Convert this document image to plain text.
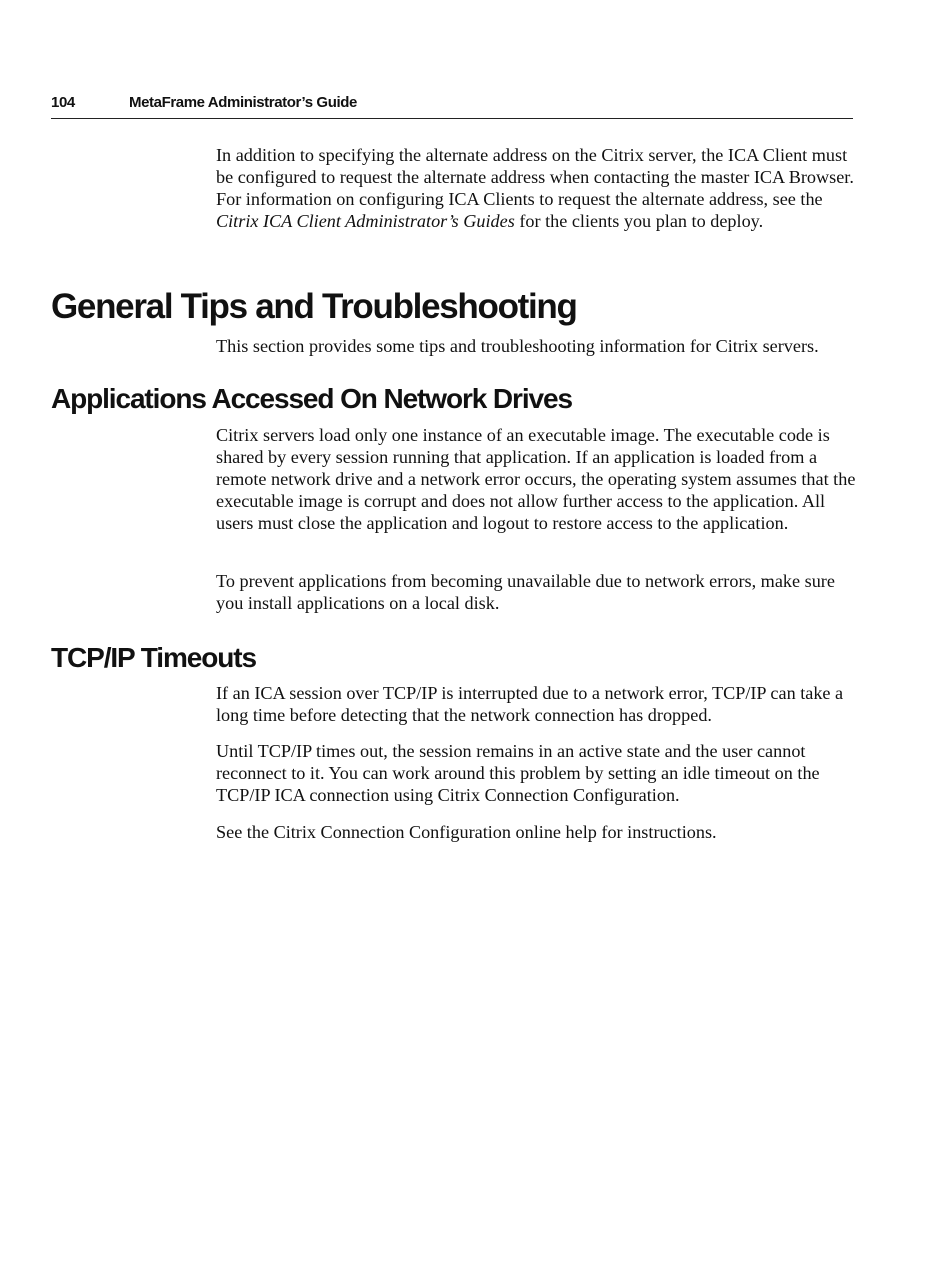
104	MetaFrame Administrator’s Guide

In addition to specifying the alternate address on the Citrix server, the ICA Client must be configured to request the alternate address when contacting the master ICA Browser. For information on configuring ICA Clients to request the alternate address, see the Citrix ICA Client Administrator’s Guides for the clients you plan to deploy.

General Tips and Troubleshooting

This section provides some tips and troubleshooting information for Citrix servers.

Applications Accessed On Network Drives

Citrix servers load only one instance of an executable image. The executable code is shared by every session running that application. If an application is loaded from a remote network drive and a network error occurs, the operating system assumes that the executable image is corrupt and does not allow further access to the application. All users must close the application and logout to restore access to the application.

To prevent applications from becoming unavailable due to network errors, make sure you install applications on a local disk.

TCP/IP Timeouts

If an ICA session over TCP/IP is interrupted due to a network error, TCP/IP can take a long time before detecting that the network connection has dropped.

Until TCP/IP times out, the session remains in an active state and the user cannot reconnect to it. You can work around this problem by setting an idle timeout on the TCP/IP ICA connection using Citrix Connection Configuration.

See the Citrix Connection Configuration online help for instructions.
